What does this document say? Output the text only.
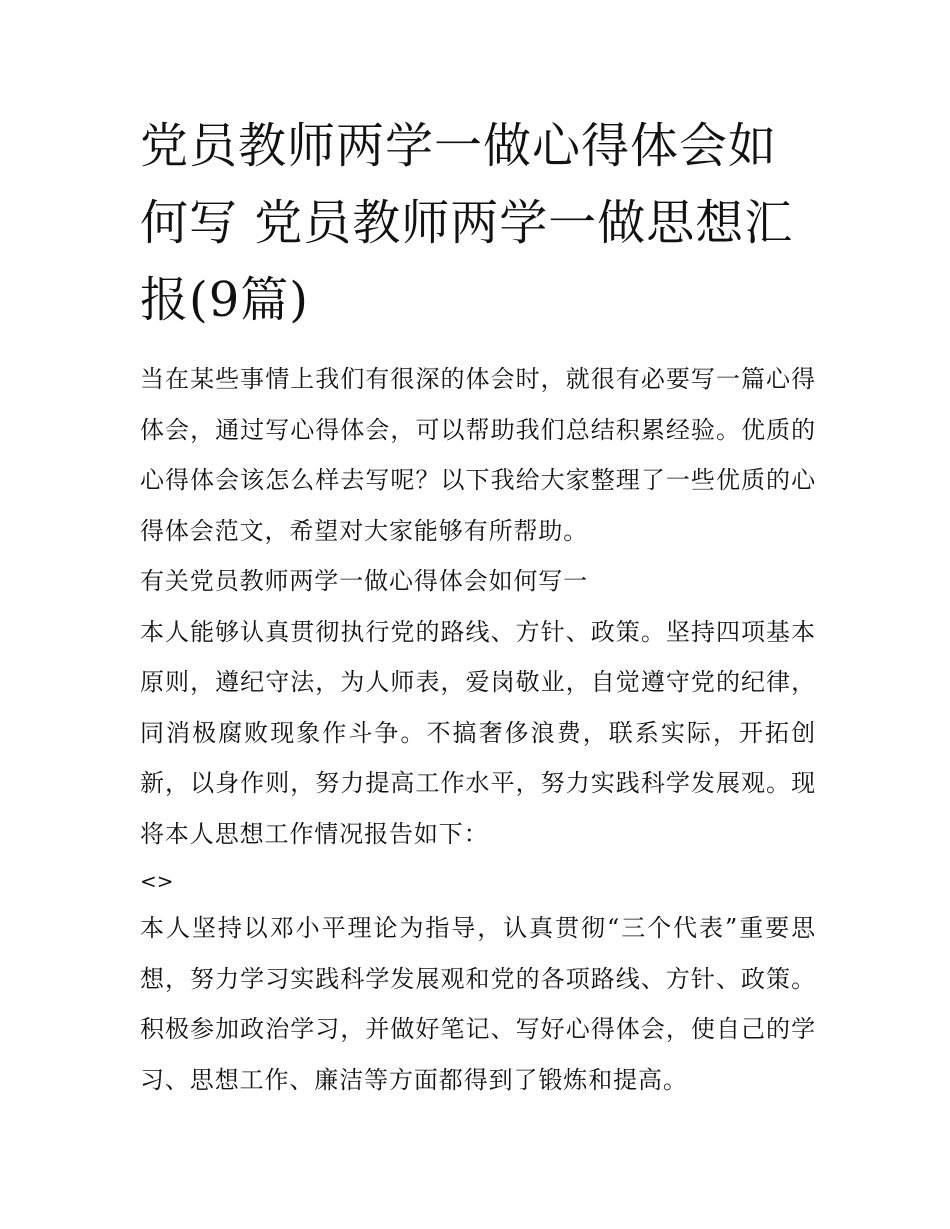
党员教师两学一做心得体会如何写 党员教师两学一做思想汇报(9篇)

当在某些事情上我们有很深的体会时，就很有必要写一篇心得体会，通过写心得体会，可以帮助我们总结积累经验。优质的心得体会该怎么样去写呢？以下我给大家整理了一些优质的心得体会范文，希望对大家能够有所帮助。

有关党员教师两学一做心得体会如何写一

本人能够认真贯彻执行党的路线、方针、政策。坚持四项基本原则，遵纪守法，为人师表，爱岗敬业，自觉遵守党的纪律，同消极腐败现象作斗争。不搞奢侈浪费，联系实际，开拓创新，以身作则，努力提高工作水平，努力实践科学发展观。现将本人思想工作情况报告如下：

<>

本人坚持以邓小平理论为指导，认真贯彻“三个代表”重要思想，努力学习实践科学发展观和党的各项路线、方针、政策。积极参加政治学习，并做好笔记、写好心得体会，使自己的学习、思想工作、廉洁等方面都得到了锻炼和提高。
